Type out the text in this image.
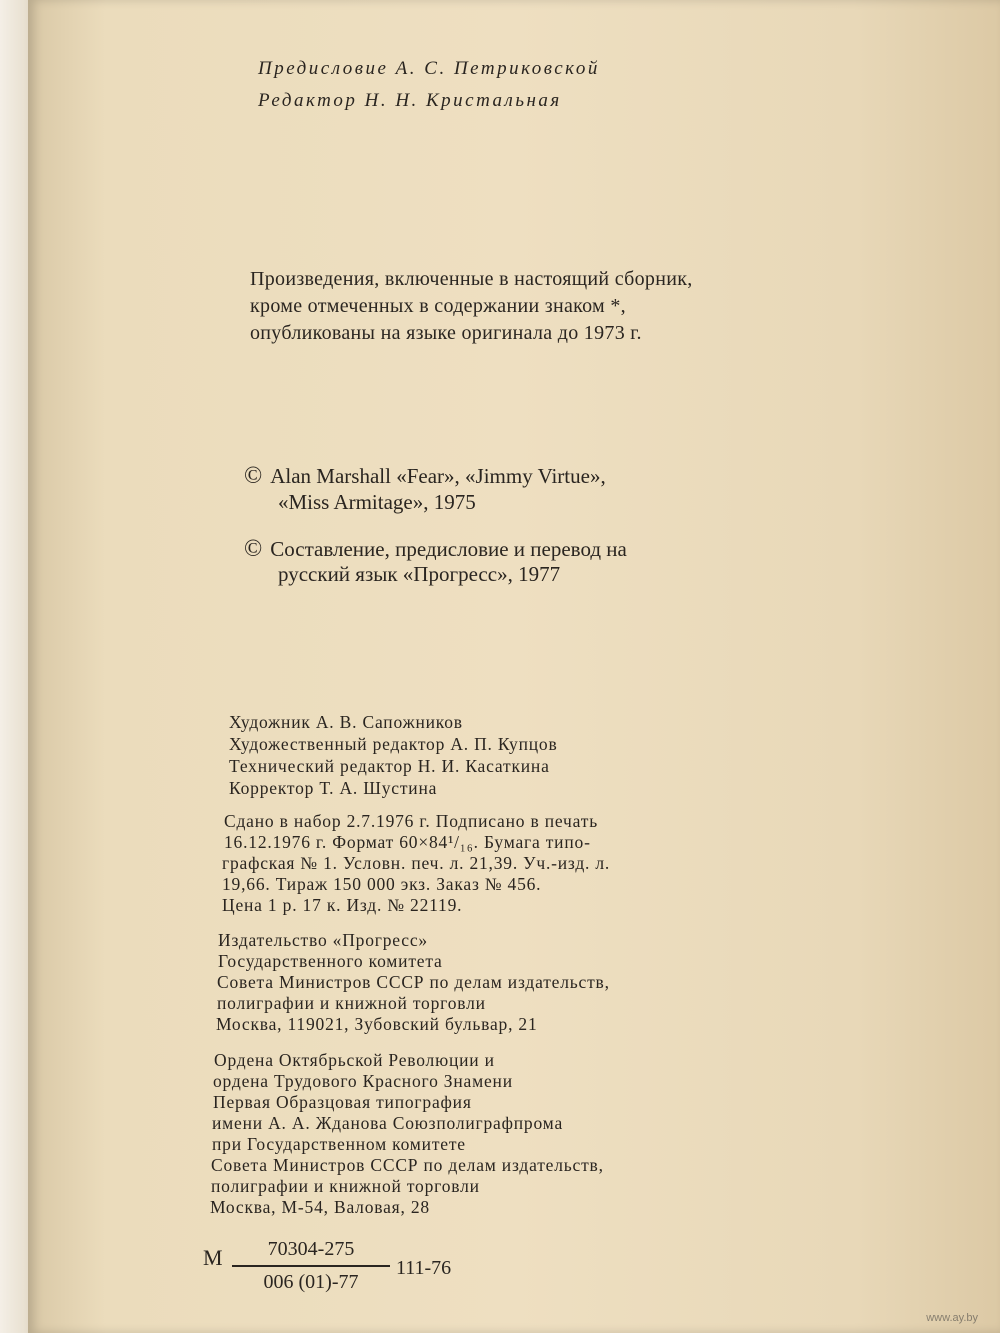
Предисловие А. С. Петриковской
Редактор Н. Н. Кристальная
Произведения, включенные в настоящий сборник,
кроме отмеченных в содержании знаком *,
опубликованы на языке оригинала до 1973 г.
© Alan Marshall «Fear», «Jimmy Virtue»,
«Miss Armitage», 1975
© Составление, предисловие и перевод на
русский язык «Прогресс», 1977
Художник А. В. Сапожников
Художественный редактор А. П. Купцов
Технический редактор Н. И. Касаткина
Корректор Т. А. Шустина
Сдано в набор 2.7.1976 г. Подписано в печать
16.12.1976 г. Формат 60×84¹/₁₆. Бумага типо-
графская № 1. Условн. печ. л. 21,39. Уч.-изд. л.
19,66. Тираж 150 000 экз. Заказ № 456.
Цена 1 р. 17 к. Изд. № 22119.
Издательство «Прогресс»
Государственного комитета
Совета Министров СССР по делам издательств,
полиграфии и книжной торговли
Москва, 119021, Зубовский бульвар, 21
Ордена Октябрьской Революции и
ордена Трудового Красного Знамени
Первая Образцовая типография
имени А. А. Жданова Союзполиграфпрома
при Государственном комитете
Совета Министров СССР по делам издательств,
полиграфии и книжной торговли
Москва, М-54, Валовая, 28
М	70304-275
006 (01)-77
111-76
www.ay.by
